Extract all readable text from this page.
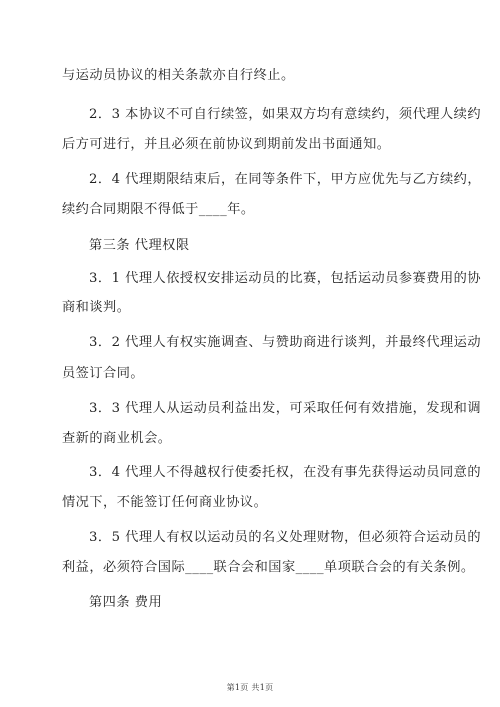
与运动员协议的相关条款亦自行终止。
2．3 本协议不可自行续签，如果双方均有意续约，须代理人续约
后方可进行，并且必须在前协议到期前发出书面通知。
2．4 代理期限结束后，在同等条件下，甲方应优先与乙方续约，
续约合同期限不得低于____年。
第三条 代理权限
3．1 代理人依授权安排运动员的比赛，包括运动员参赛费用的协
商和谈判。
3．2 代理人有权实施调查、与赞助商进行谈判，并最终代理运动
员签订合同。
3．3 代理人从运动员利益出发，可采取任何有效措施，发现和调
查新的商业机会。
3．4 代理人不得越权行使委托权，在没有事先获得运动员同意的
情况下，不能签订任何商业协议。
3．5 代理人有权以运动员的名义处理财物，但必须符合运动员的
利益，必须符合国际____联合会和国家____单项联合会的有关条例。
第四条 费用
第1页 共1页
